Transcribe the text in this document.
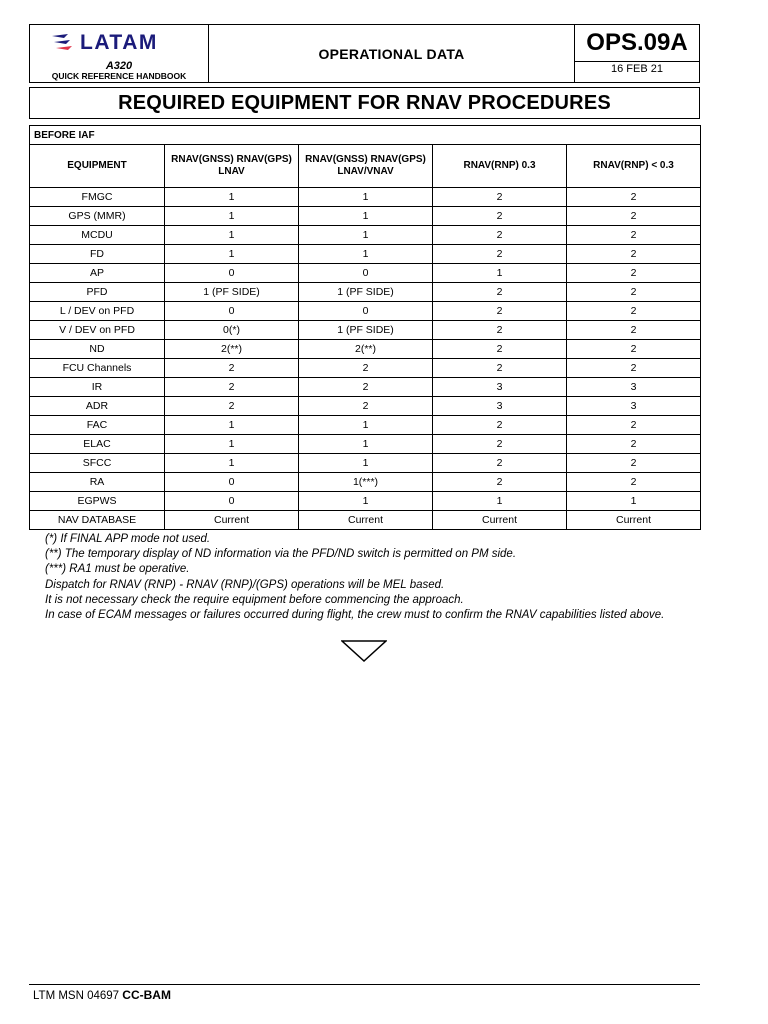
LATAM
A320
QUICK REFERENCE HANDBOOK
OPERATIONAL DATA	OPS.09A
16 FEB 21
REQUIRED EQUIPMENT FOR RNAV PROCEDURES
BEFORE IAF				
EQUIPMENT	RNAV(GNSS) RNAV(GPS) LNAV	RNAV(GNSS) RNAV(GPS) LNAV/VNAV	RNAV(RNP) 0.3	RNAV(RNP) < 0.3
FMGC	1	1	2	2
GPS (MMR)	1	1	2	2
MCDU	1	1	2	2
FD	1	1	2	2
AP	0	0	1	2
PFD	1 (PF SIDE)	1 (PF SIDE)	2	2
L / DEV on PFD	0	0	2	2
V / DEV on PFD	0(*)	1 (PF SIDE)	2	2
ND	2(**)	2(**)	2	2
FCU Channels	2	2	2	2
IR	2	2	3	3
ADR	2	2	3	3
FAC	1	1	2	2
ELAC	1	1	2	2
SFCC	1	1	2	2
RA	0	1(***)	2	2
EGPWS	0	1	1	1
NAV DATABASE	Current	Current	Current	Current
(*) If FINAL APP mode not used.
(**) The temporary display of ND information via the PFD/ND switch is permitted on PM side.
(***) RA1 must be operative.
Dispatch for RNAV (RNP) - RNAV (RNP)/(GPS) operations will be MEL based.
It is not necessary check the require equipment before commencing the approach.
In case of ECAM messages or failures occurred during flight, the crew must to confirm the RNAV capabilities listed above.
LTM MSN 04697 CC-BAM
